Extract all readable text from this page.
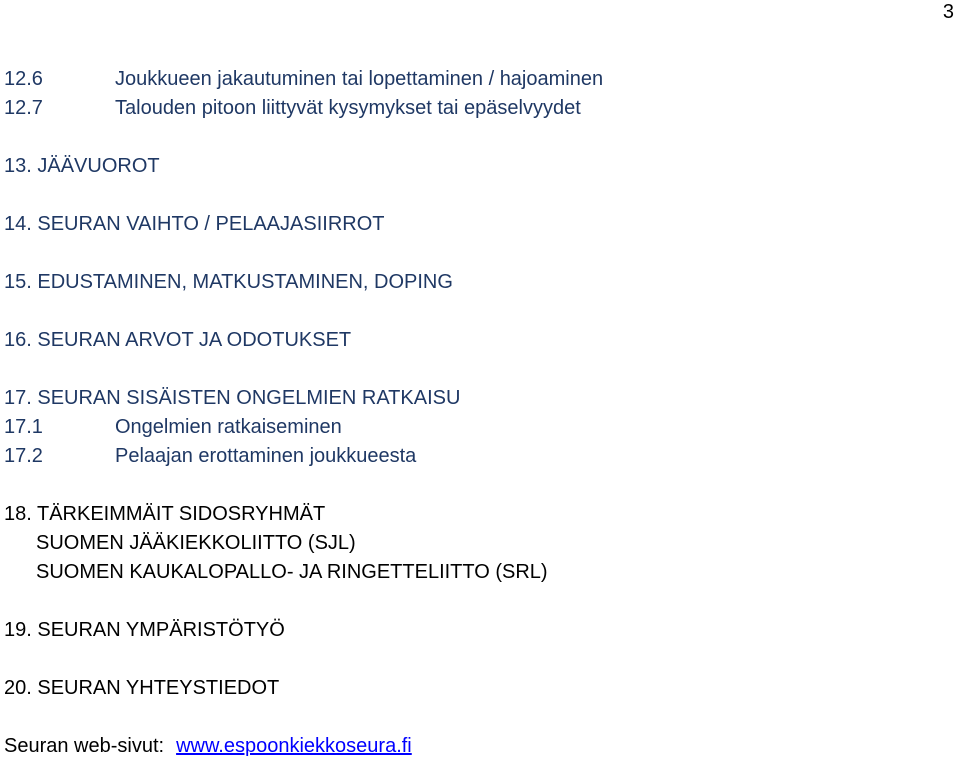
3
12.6	Joukkueen jakautuminen tai lopettaminen / hajoaminen
12.7	Talouden pitoon liittyvät kysymykset tai epäselvyydet
13. JÄÄVUOROT
14. SEURAN VAIHTO / PELAAJASIIRROT
15. EDUSTAMINEN, MATKUSTAMINEN, DOPING
16. SEURAN ARVOT JA ODOTUKSET
17. SEURAN SISÄISTEN ONGELMIEN RATKAISU
17.1	Ongelmien ratkaiseminen
17.2	Pelaajan erottaminen joukkueesta
18. TÄRKEIMMÄIT SIDOSRYHMÄT
SUOMEN JÄÄKIEKKOLIITTO (SJL)
SUOMEN KAUKALOPALLO- JA RINGETTELIITTO (SRL)
19. SEURAN YMPÄRISTÖTYÖ
20. SEURAN YHTEYSTIEDOT
Seuran web-sivut: www.espoonkiekkoseura.fi
